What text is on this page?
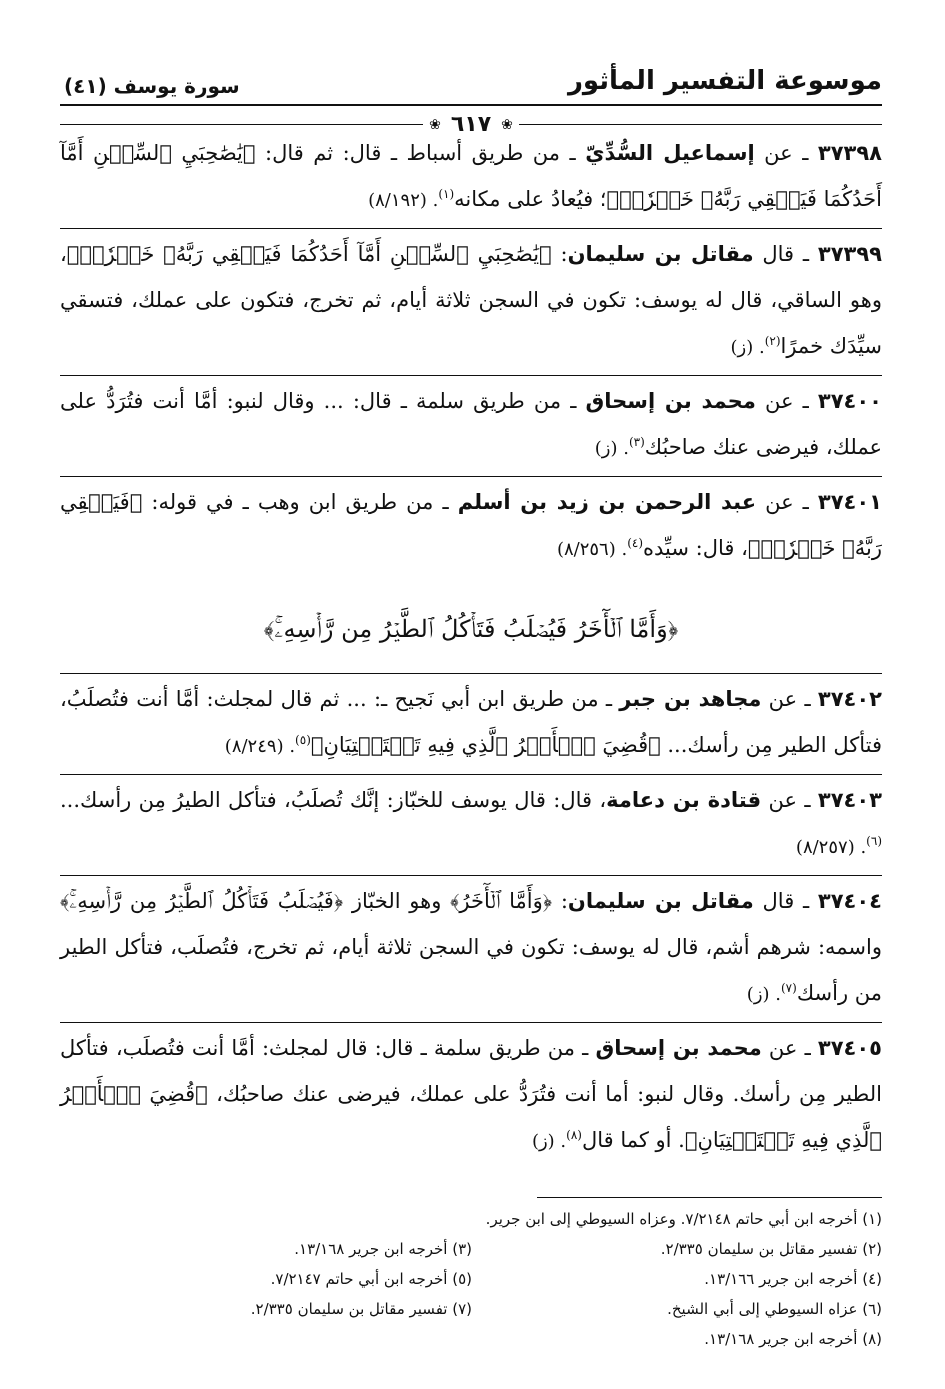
موسوعة التفسير المأثور
سورة يوسف (٤١)
❀
٦١٧
❀
٣٧٣٩٨ ـ عن إسماعيل السُّدِّيّ ـ من طريق أسباط ـ قال: ثم قال: ﴿يَٰصَٰحِبَيِ ٱلسِّجۡنِ أَمَّآ أَحَدُكُمَا فَيَسۡقِي رَبَّهُۥ خَمۡرٗاۖ﴾؛ فيُعادُ على مكانه$^{(١)}$. (٨/١٩٢)
٣٧٣٩٩ ـ قال مقاتل بن سليمان: ﴿يَٰصَٰحِبَيِ ٱلسِّجۡنِ أَمَّآ أَحَدُكُمَا فَيَسۡقِي رَبَّهُۥ خَمۡرٗاۖ﴾، وهو الساقي، قال له يوسف: تكون في السجن ثلاثة أيام، ثم تخرج، فتكون على عملك، فتسقي سيِّدَك خمرًا$^{(٢)}$. (ز)
٣٧٤٠٠ ـ عن محمد بن إسحاق ـ من طريق سلمة ـ قال: ... وقال لنبو: أمَّا أنت فتُرَدُّ على عملك، فيرضى عنك صاحبُك$^{(٣)}$. (ز)
٣٧٤٠١ ـ عن عبد الرحمن بن زيد بن أسلم ـ من طريق ابن وهب ـ في قوله: ﴿فَيَسۡقِي رَبَّهُۥ خَمۡرٗاۖ﴾، قال: سيِّده$^{(٤)}$. (٨/٢٥٦)
﴿وَأَمَّا ٱلۡأٓخَرُ فَيُصۡلَبُ فَتَأۡكُلُ ٱلطَّيۡرُ مِن رَّأۡسِهِۦۚ﴾
٣٧٤٠٢ ـ عن مجاهد بن جبر ـ من طريق ابن أبي نَجيح ـ: ... ثم قال لمجلث: أمَّا أنت فتُصلَبُ، فتأكل الطير مِن رأسك... ﴿قُضِيَ ٱلۡأَمۡرُ ٱلَّذِي فِيهِ تَسۡتَفۡتِيَانِ﴾$^{(٥)}$. (٨/٢٤٩)
٣٧٤٠٣ ـ عن قتادة بن دعامة، قال: قال يوسف للخبّاز: إنَّك تُصلَبُ، فتأكل الطيرُ مِن رأسك...$^{(٦)}$. (٨/٢٥٧)
٣٧٤٠٤ ـ قال مقاتل بن سليمان: ﴿وَأَمَّا ٱلۡأٓخَرُ﴾ وهو الخبّاز ﴿فَيُصۡلَبُ فَتَأۡكُلُ ٱلطَّيۡرُ مِن رَّأۡسِهِۦۚ﴾ واسمه: شرهم أشم، قال له يوسف: تكون في السجن ثلاثة أيام، ثم تخرج، فتُصلَب، فتأكل الطير من رأسك$^{(٧)}$. (ز)
٣٧٤٠٥ ـ عن محمد بن إسحاق ـ من طريق سلمة ـ قال: قال لمجلث: أمَّا أنت فتُصلَب، فتأكل الطير مِن رأسك. وقال لنبو: أما أنت فتُرَدُّ على عملك، فيرضى عنك صاحبُك، ﴿قُضِيَ ٱلۡأَمۡرُ ٱلَّذِي فِيهِ تَسۡتَفۡتِيَانِ﴾. أو كما قال$^{(٨)}$. (ز)
(١) أخرجه ابن أبي حاتم ٧/٢١٤٨. وعزاه السيوطي إلى ابن جرير.
(٢) تفسير مقاتل بن سليمان ٢/٣٣٥.
(٣) أخرجه ابن جرير ١٣/١٦٨.
(٤) أخرجه ابن جرير ١٣/١٦٦.
(٥) أخرجه ابن أبي حاتم ٧/٢١٤٧.
(٦) عزاه السيوطي إلى أبي الشيخ.
(٧) تفسير مقاتل بن سليمان ٢/٣٣٥.
(٨) أخرجه ابن جرير ١٣/١٦٨.
